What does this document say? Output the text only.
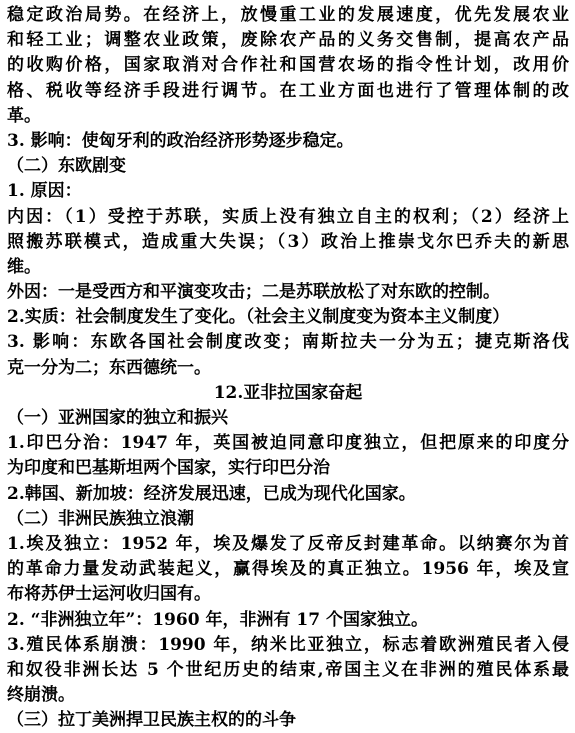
稳定政治局势。在经济上，放慢重工业的发展速度，优先发展农业
和轻工业；调整农业政策，废除农产品的义务交售制，提高农产品
的收购价格，国家取消对合作社和国营农场的指令性计划，改用价
格、税收等经济手段进行调节。在工业方面也进行了管理体制的改
革。
3. 影响：使匈牙利的政治经济形势逐步稳定。
（二）东欧剧变
1. 原因：
内因：（1）受控于苏联，实质上没有独立自主的权利；（2）经济上
照搬苏联模式，造成重大失误；（3）政治上推崇戈尔巴乔夫的新思
维。
外因：一是受西方和平演变攻击；二是苏联放松了对东欧的控制。
2.实质：社会制度发生了变化。（社会主义制度变为资本主义制度）
3. 影响：东欧各国社会制度改变；南斯拉夫一分为五；捷克斯洛伐
克一分为二；东西德统一。
12.亚非拉国家奋起
（一）亚洲国家的独立和振兴
1.印巴分治：1947 年，英国被迫同意印度独立，但把原来的印度分
为印度和巴基斯坦两个国家，实行印巴分治
2.韩国、新加坡：经济发展迅速，已成为现代化国家。
（二）非洲民族独立浪潮
1.埃及独立：1952 年，埃及爆发了反帝反封建革命。以纳赛尔为首
的革命力量发动武装起义，赢得埃及的真正独立。1956 年，埃及宣
布将苏伊士运河收归国有。
2. “非洲独立年”：1960 年，非洲有 17 个国家独立。
3.殖民体系崩溃：1990 年，纳米比亚独立，标志着欧洲殖民者入侵
和奴役非洲长达 5 个世纪历史的结束,帝国主义在非洲的殖民体系最
终崩溃。
（三）拉丁美洲捍卫民族主权的的斗争
